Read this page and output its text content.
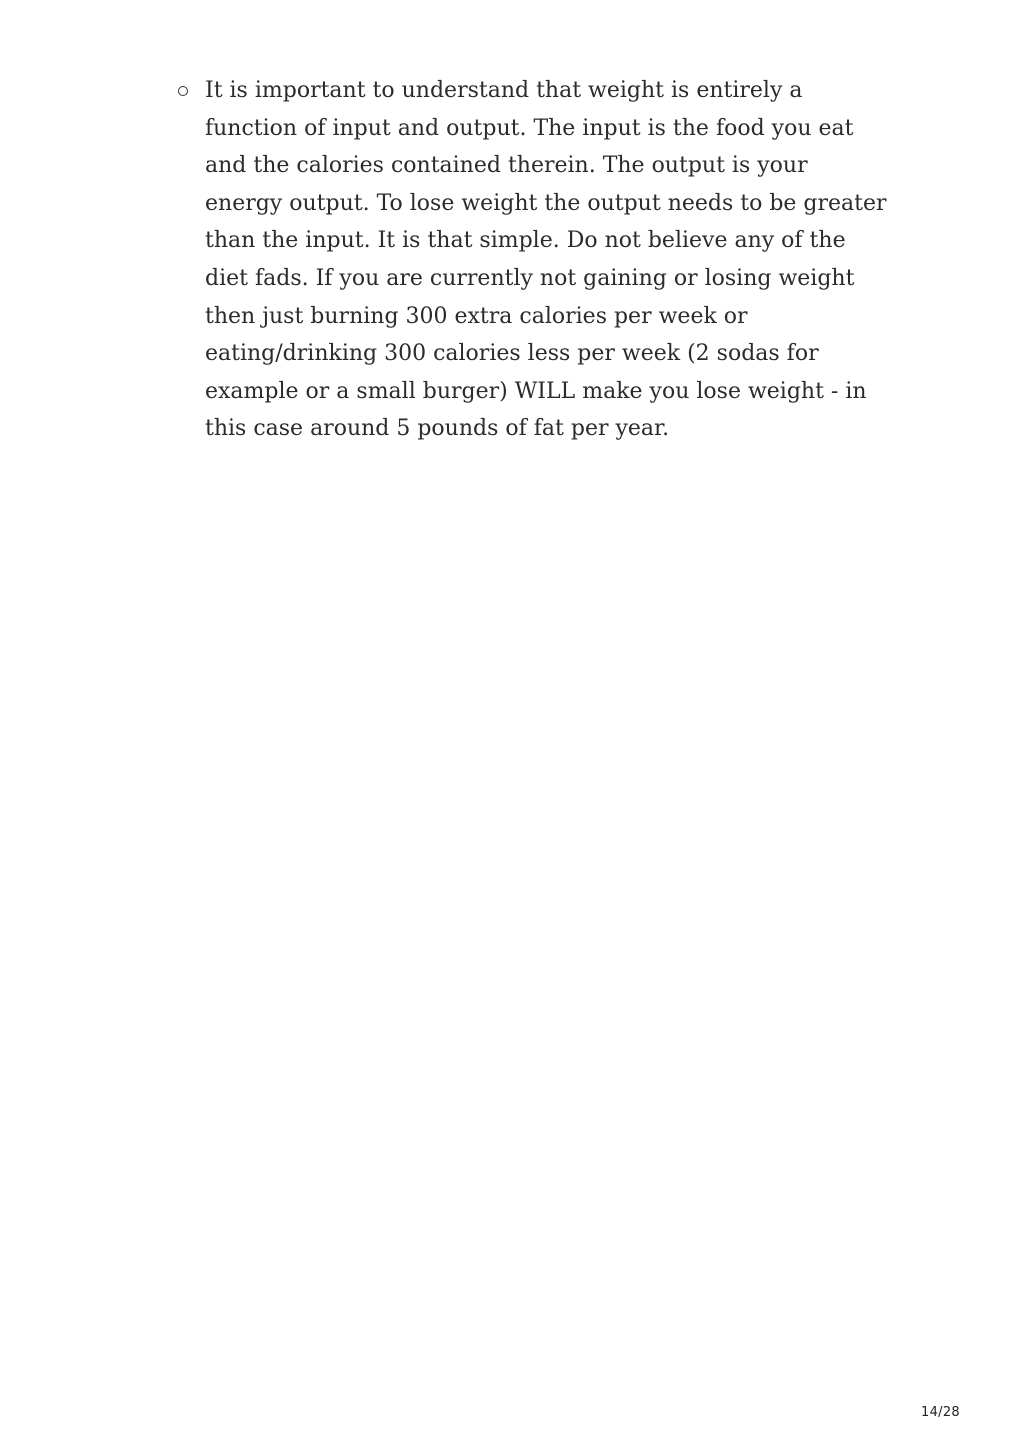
It is important to understand that weight is entirely a
function of input and output. The input is the food you eat
and the calories contained therein. The output is your
energy output. To lose weight the output needs to be greater
than the input. It is that simple. Do not believe any of the
diet fads. If you are currently not gaining or losing weight
then just burning 300 extra calories per week or
eating/drinking 300 calories less per week (2 sodas for
example or a small burger) WILL make you lose weight - in
this case around 5 pounds of fat per year.
14/28
